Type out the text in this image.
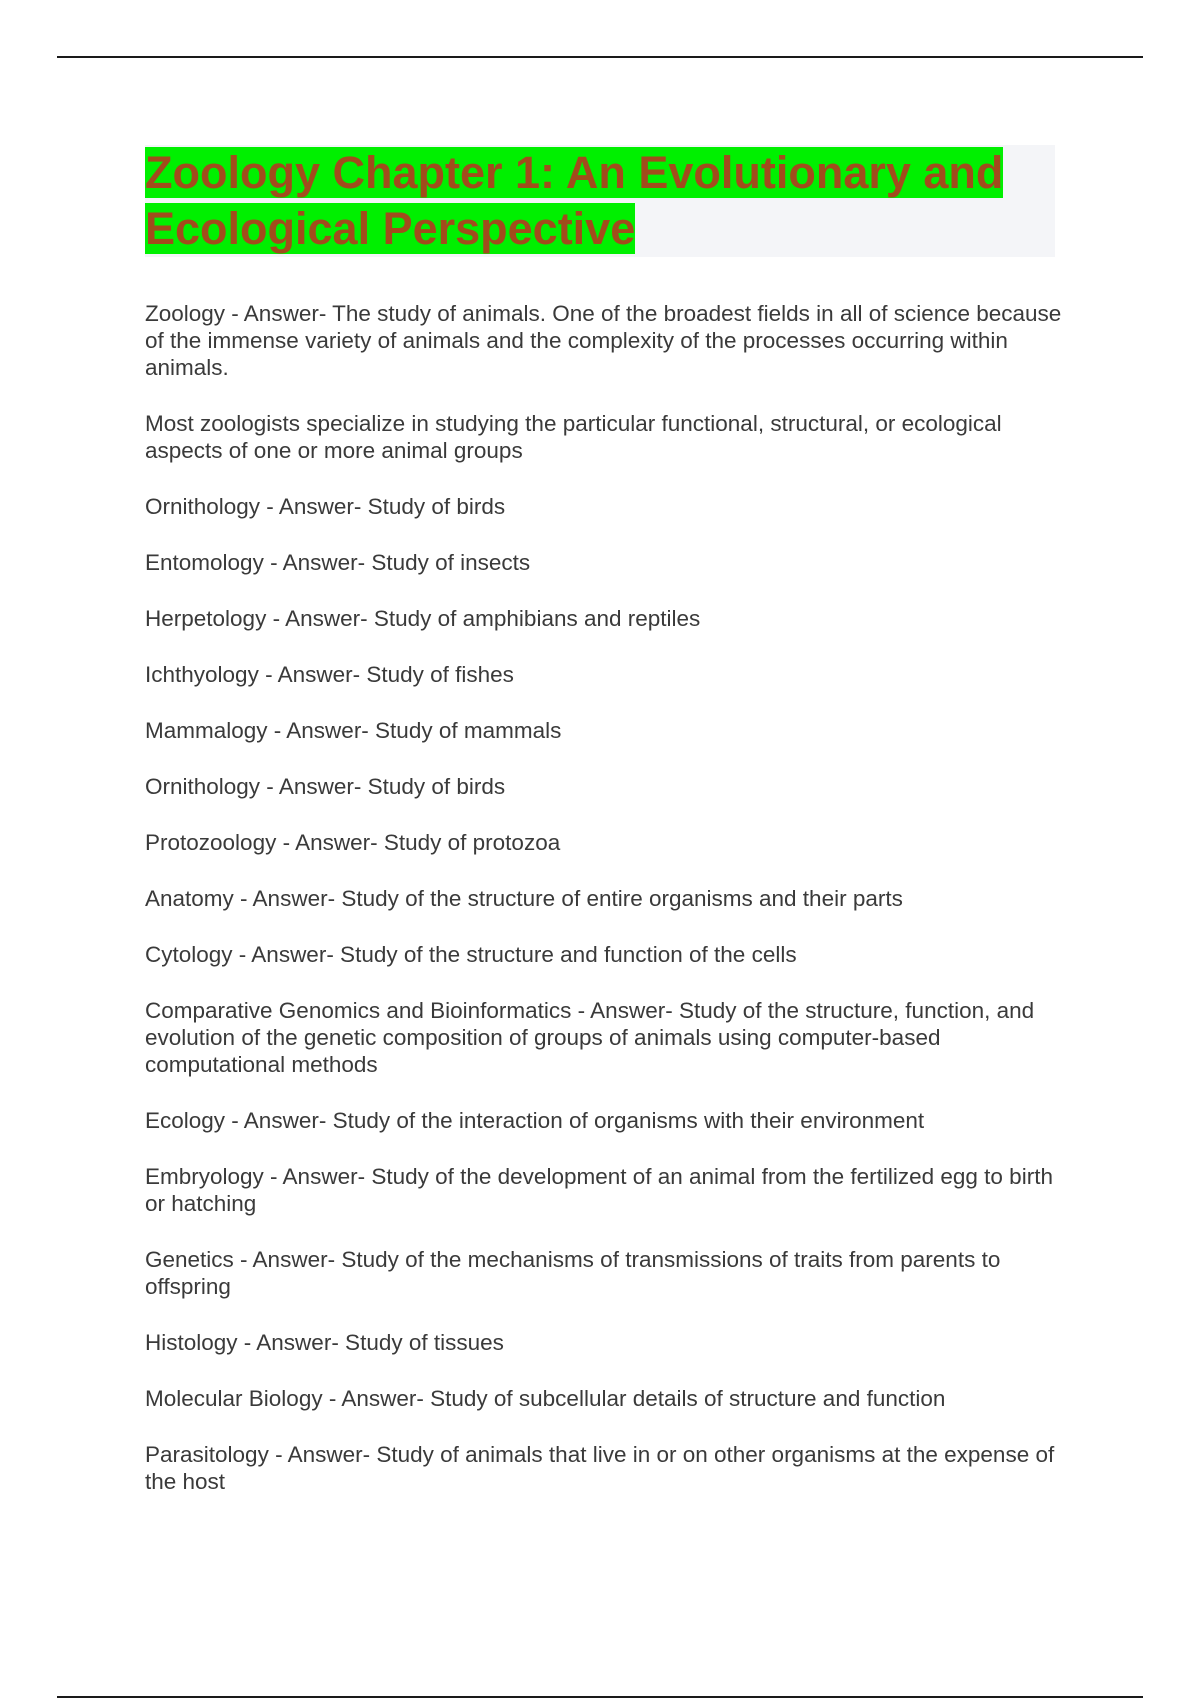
Zoology Chapter 1: An Evolutionary and Ecological Perspective

Zoology - Answer- The study of animals. One of the broadest fields in all of science because of the immense variety of animals and the complexity of the processes occurring within animals.

Most zoologists specialize in studying the particular functional, structural, or ecological aspects of one or more animal groups

Ornithology - Answer- Study of birds

Entomology - Answer- Study of insects

Herpetology - Answer- Study of amphibians and reptiles

Ichthyology - Answer- Study of fishes

Mammalogy - Answer- Study of mammals

Ornithology - Answer- Study of birds

Protozoology - Answer- Study of protozoa

Anatomy - Answer- Study of the structure of entire organisms and their parts

Cytology - Answer- Study of the structure and function of the cells

Comparative Genomics and Bioinformatics - Answer- Study of the structure, function, and evolution of the genetic composition of groups of animals using computer-based computational methods

Ecology - Answer- Study of the interaction of organisms with their environment

Embryology - Answer- Study of the development of an animal from the fertilized egg to birth or hatching

Genetics - Answer- Study of the mechanisms of transmissions of traits from parents to offspring

Histology - Answer- Study of tissues

Molecular Biology - Answer- Study of subcellular details of structure and function

Parasitology - Answer- Study of animals that live in or on other organisms at the expense of the host
